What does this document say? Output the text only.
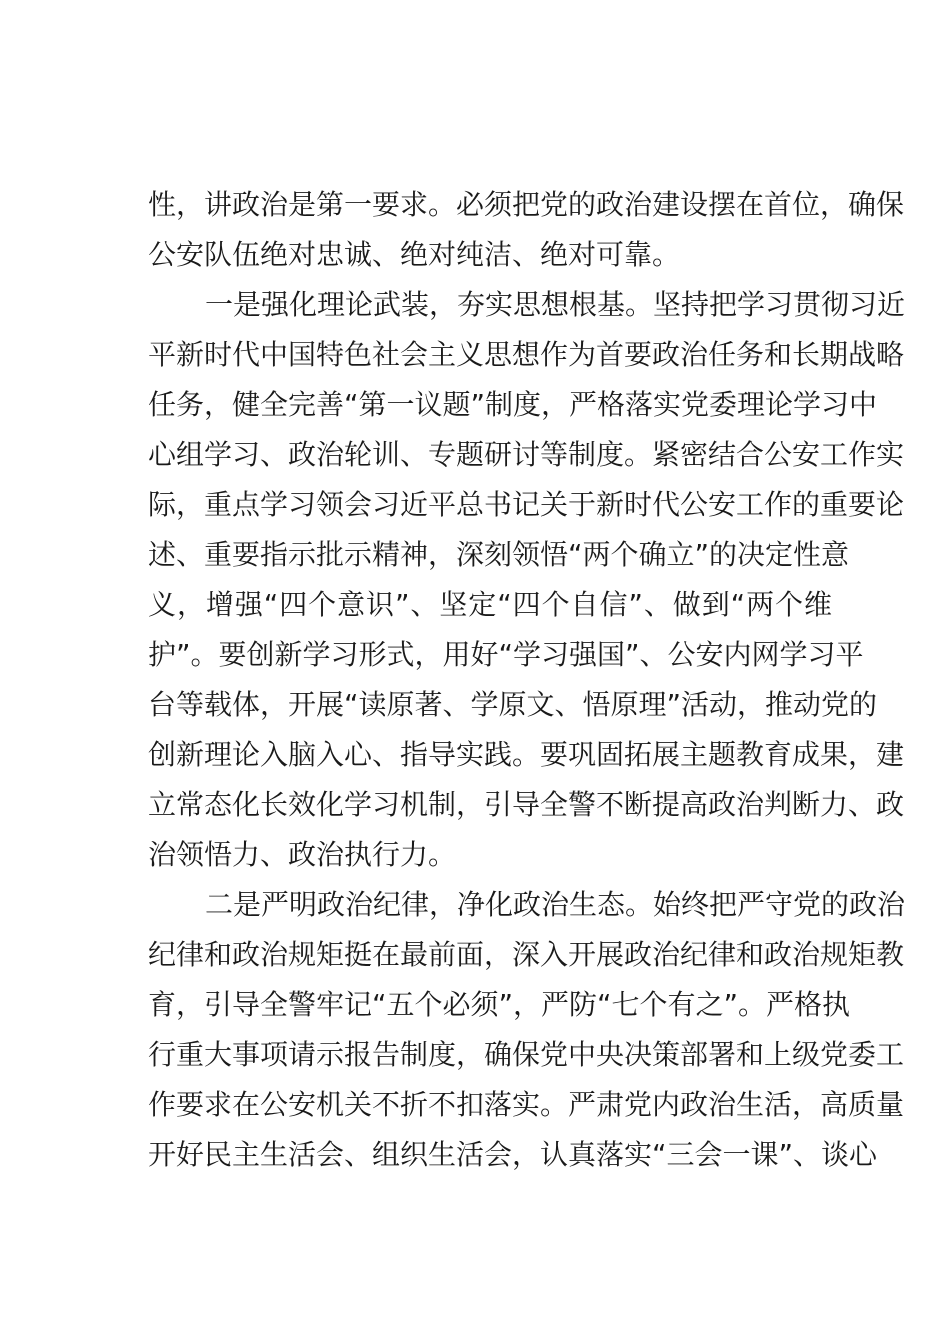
性，讲政治是第一要求。必须把党的政治建设摆在首位，确保
公安队伍绝对忠诚、绝对纯洁、绝对可靠。
一是强化理论武装，夯实思想根基。坚持把学习贯彻习近
平新时代中国特色社会主义思想作为首要政治任务和长期战略
任务，健全完善“第一议题”制度，严格落实党委理论学习中
心组学习、政治轮训、专题研讨等制度。紧密结合公安工作实
际，重点学习领会习近平总书记关于新时代公安工作的重要论
述、重要指示批示精神，深刻领悟“两个确立”的决定性意
义，增强“四个意识”、坚定“四个自信”、做到“两个维
护”。要创新学习形式，用好“学习强国”、公安内网学习平
台等载体，开展“读原著、学原文、悟原理”活动，推动党的
创新理论入脑入心、指导实践。要巩固拓展主题教育成果，建
立常态化长效化学习机制，引导全警不断提高政治判断力、政
治领悟力、政治执行力。
二是严明政治纪律，净化政治生态。始终把严守党的政治
纪律和政治规矩挺在最前面，深入开展政治纪律和政治规矩教
育，引导全警牢记“五个必须”，严防“七个有之”。严格执
行重大事项请示报告制度，确保党中央决策部署和上级党委工
作要求在公安机关不折不扣落实。严肃党内政治生活，高质量
开好民主生活会、组织生活会，认真落实“三会一课”、谈心
